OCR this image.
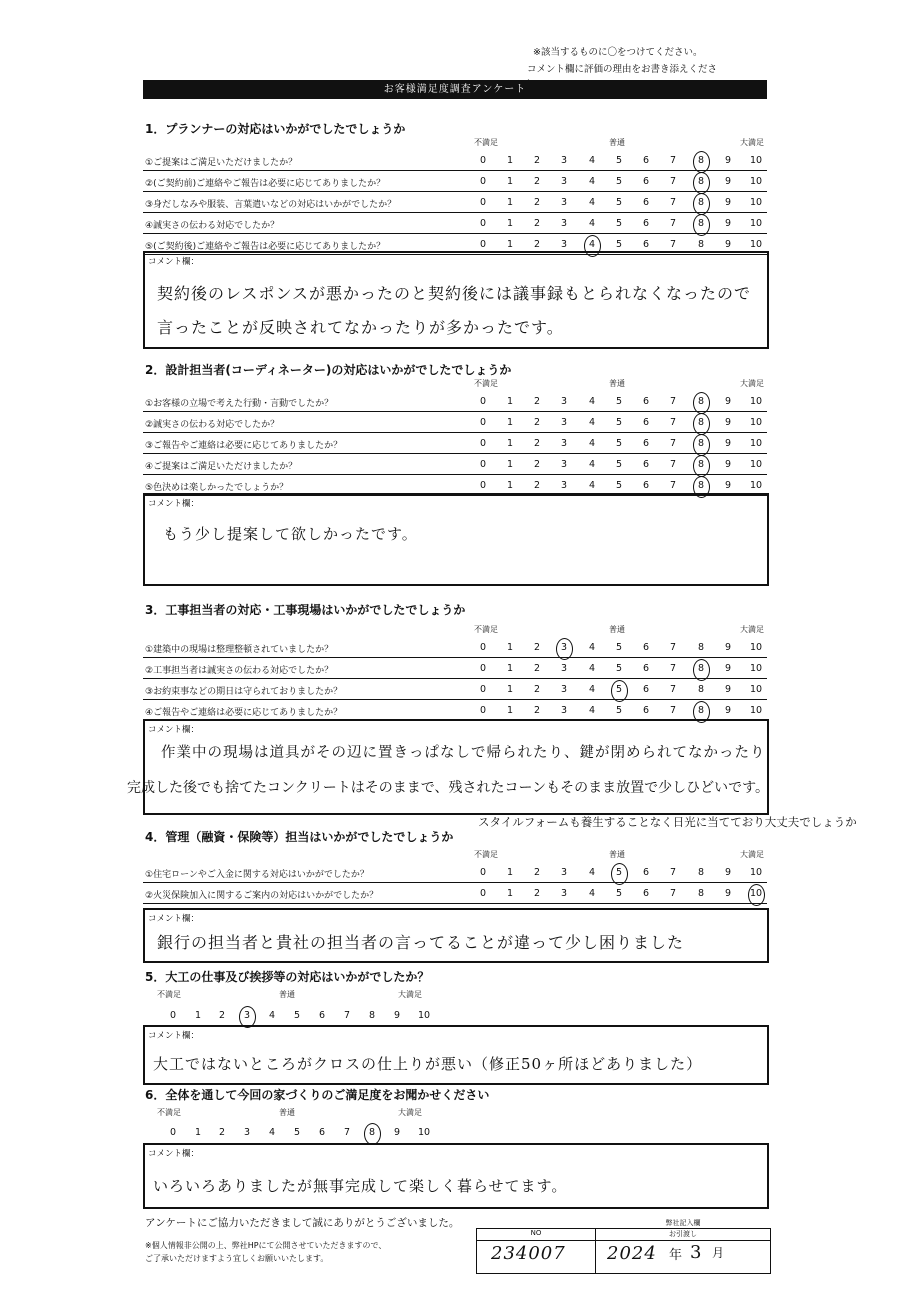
※該当するものに〇をつけてください。
コメント欄に評価の理由をお書き添えくださ
お客様満足度調査アンケート
1．プランナーの対応はいかがでしたでしょうか
不満足	普通	大満足
①ご提案はご満足いただけましたか？	0	1	2	3	4	5	6	7	8	9	10
②(ご契約前)ご連絡やご報告は必要に応じてありましたか？	0	1	2	3	4	5	6	7	8	9	10
③身だしなみや服装、言葉遣いなどの対応はいかがでしたか？	0	1	2	3	4	5	6	7	8	9	10
④誠実さの伝わる対応でしたか？	0	1	2	3	4	5	6	7	8	9	10
⑤(ご契約後)ご連絡やご報告は必要に応じてありましたか？	0	1	2	3	4	5	6	7	8	9	10
コメント欄：
契約後のレスポンスが悪かったのと契約後には議事録もとられなくなったので
言ったことが反映されてなかったりが多かったです。
2．設計担当者(コーディネーター)の対応はいかがでしたでしょうか
不満足	普通	大満足
①お客様の立場で考えた行動・言動でしたか？	0	1	2	3	4	5	6	7	8	9	10
②誠実さの伝わる対応でしたか？	0	1	2	3	4	5	6	7	8	9	10
③ご報告やご連絡は必要に応じてありましたか？	0	1	2	3	4	5	6	7	8	9	10
④ご提案はご満足いただけましたか？	0	1	2	3	4	5	6	7	8	9	10
⑤色決めは楽しかったでしょうか？	0	1	2	3	4	5	6	7	8	9	10
コメント欄：
もう少し提案して欲しかったです。
3．工事担当者の対応・工事現場はいかがでしたでしょうか
不満足	普通	大満足
①建築中の現場は整理整頓されていましたか？	0	1	2	3	4	5	6	7	8	9	10
②工事担当者は誠実さの伝わる対応でしたか？	0	1	2	3	4	5	6	7	8	9	10
③お約束事などの期日は守られておりましたか？	0	1	2	3	4	5	6	7	8	9	10
④ご報告やご連絡は必要に応じてありましたか？	0	1	2	3	4	5	6	7	8	9	10
コメント欄：
作業中の現場は道具がその辺に置きっぱなしで帰られたり、鍵が閉められてなかったり
完成した後でも捨てたコンクリートはそのままで、残されたコーンもそのまま放置で少しひどいです。
スタイルフォームも養生することなく日光に当てており大丈夫でしょうか
4．管理（融資・保険等）担当はいかがでしたでしょうか
不満足	普通	大満足
①住宅ローンやご入金に関する対応はいかがでしたか？	0	1	2	3	4	5	6	7	8	9	10
②火災保険加入に関するご案内の対応はいかがでしたか？	0	1	2	3	4	5	6	7	8	9	10
コメント欄：
銀行の担当者と貴社の担当者の言ってることが違って少し困りました
5．大工の仕事及び挨拶等の対応はいかがでしたか？
不満足	普通	大満足
0	1	2	3	4	5	6	7	8	9	10
コメント欄：
大工ではないところがクロスの仕上りが悪い（修正50ヶ所ほどありました）
6．全体を通して今回の家づくりのご満足度をお聞かせください
不満足	普通	大満足
0	1	2	3	4	5	6	7	8	9	10
コメント欄：
いろいろありましたが無事完成して楽しく暮らせてます。
アンケートにご協力いただきまして誠にありがとうございました。
※個人情報非公開の上、弊社HPにて公開させていただきますので、
ご了承いただけますよう宜しくお願いいたします。
NO
弊社記入欄
お引渡し
234007 2024 年 3 月
